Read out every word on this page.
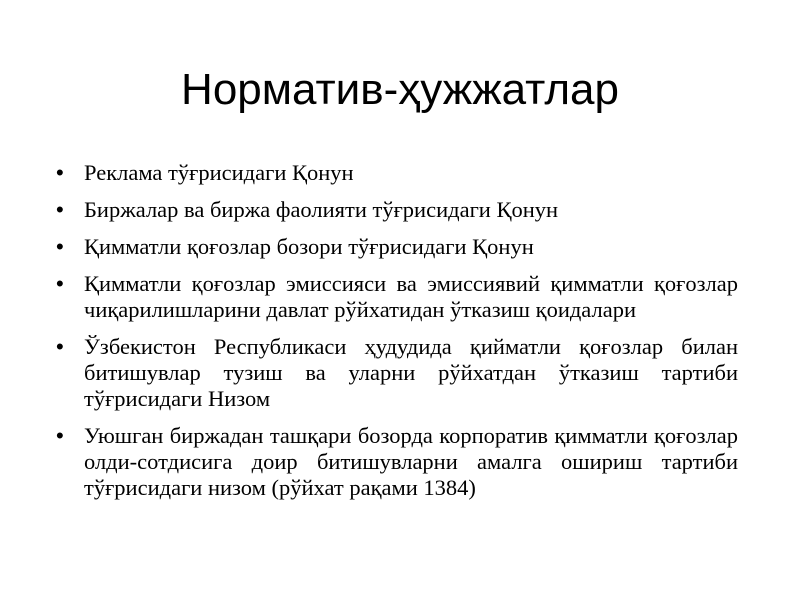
Норматив-ҳужжатлар
• Реклама тўғрисидаги Қонун
• Биржалар ва биржа фаолияти тўғрисидаги Қонун
• Қимматли қоғозлар бозори тўғрисидаги Қонун
• Қимматли қоғозлар эмиссияси ва эмиссиявий қимматли қоғозлар чиқарилишларини давлат рўйхатидан ўтказиш қоидалари
• Ўзбекистон Республикаси ҳудудида қийматли қоғозлар билан битишувлар тузиш ва уларни рўйхатдан ўтказиш тартиби тўғрисидаги Низом
• Уюшган биржадан ташқари бозорда корпоратив қимматли қоғозлар олди-сотдисига доир битишувларни амалга ошириш тартиби тўғрисидаги низом (рўйхат рақами 1384)
